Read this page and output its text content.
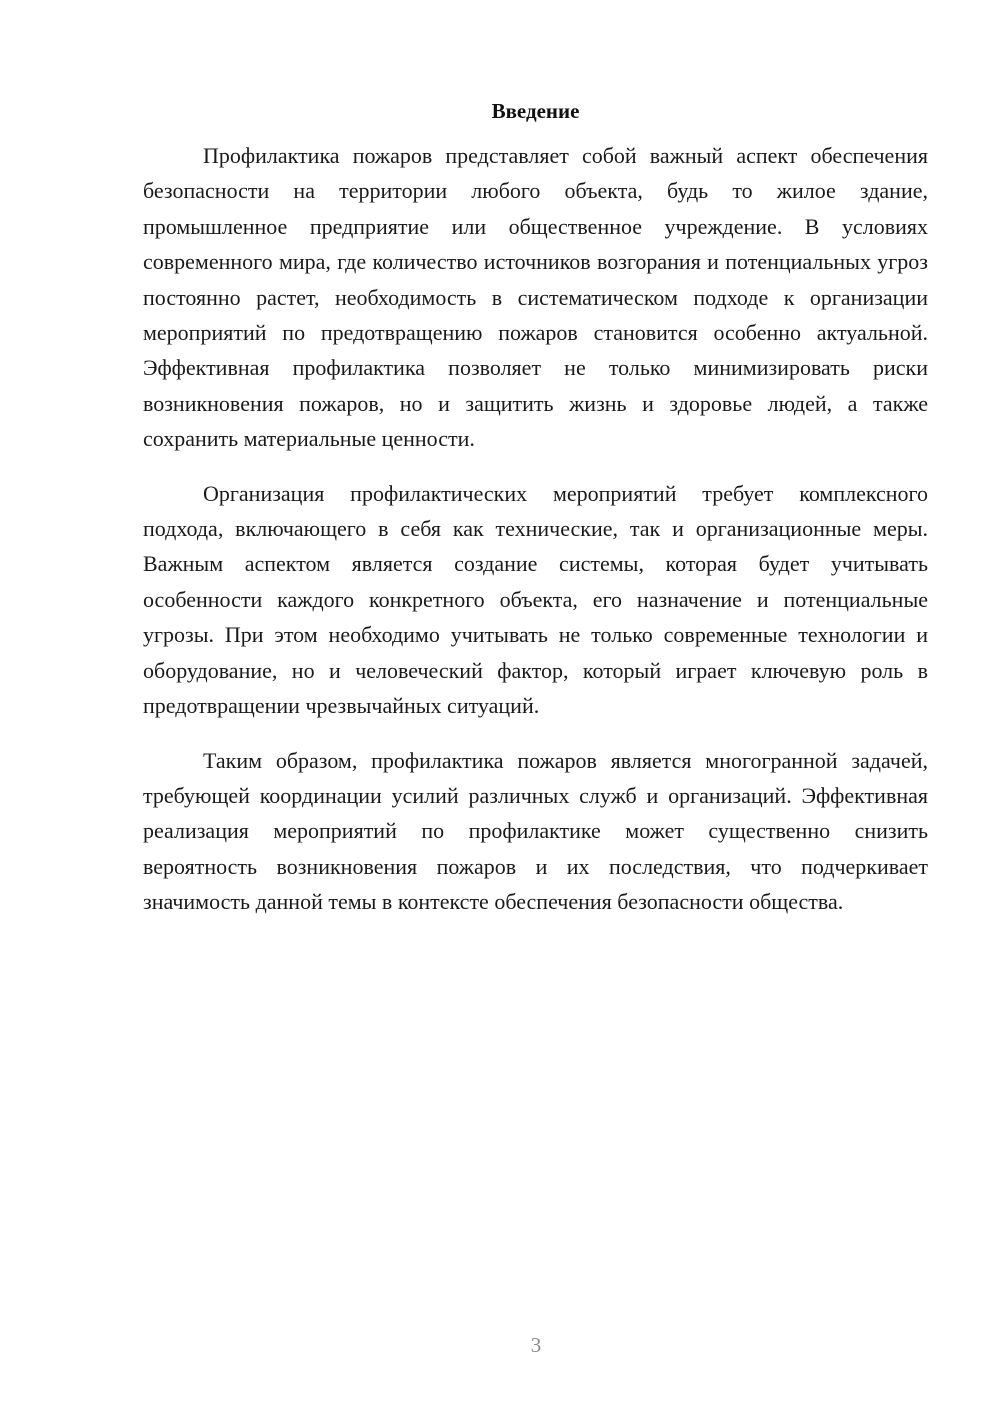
Введение

Профилактика пожаров представляет собой важный аспект обеспечения безопасности на территории любого объекта, будь то жилое здание, промышленное предприятие или общественное учреждение. В условиях современного мира, где количество источников возгорания и потенциальных угроз постоянно растет, необходимость в систематическом подходе к организации мероприятий по предотвращению пожаров становится особенно актуальной. Эффективная профилактика позволяет не только минимизировать риски возникновения пожаров, но и защитить жизнь и здоровье людей, а также сохранить материальные ценности.

Организация профилактических мероприятий требует комплексного подхода, включающего в себя как технические, так и организационные меры. Важным аспектом является создание системы, которая будет учитывать особенности каждого конкретного объекта, его назначение и потенциальные угрозы. При этом необходимо учитывать не только современные технологии и оборудование, но и человеческий фактор, который играет ключевую роль в предотвращении чрезвычайных ситуаций.

Таким образом, профилактика пожаров является многогранной задачей, требующей координации усилий различных служб и организаций. Эффективная реализация мероприятий по профилактике может существенно снизить вероятность возникновения пожаров и их последствия, что подчеркивает значимость данной темы в контексте обеспечения безопасности общества.

3
